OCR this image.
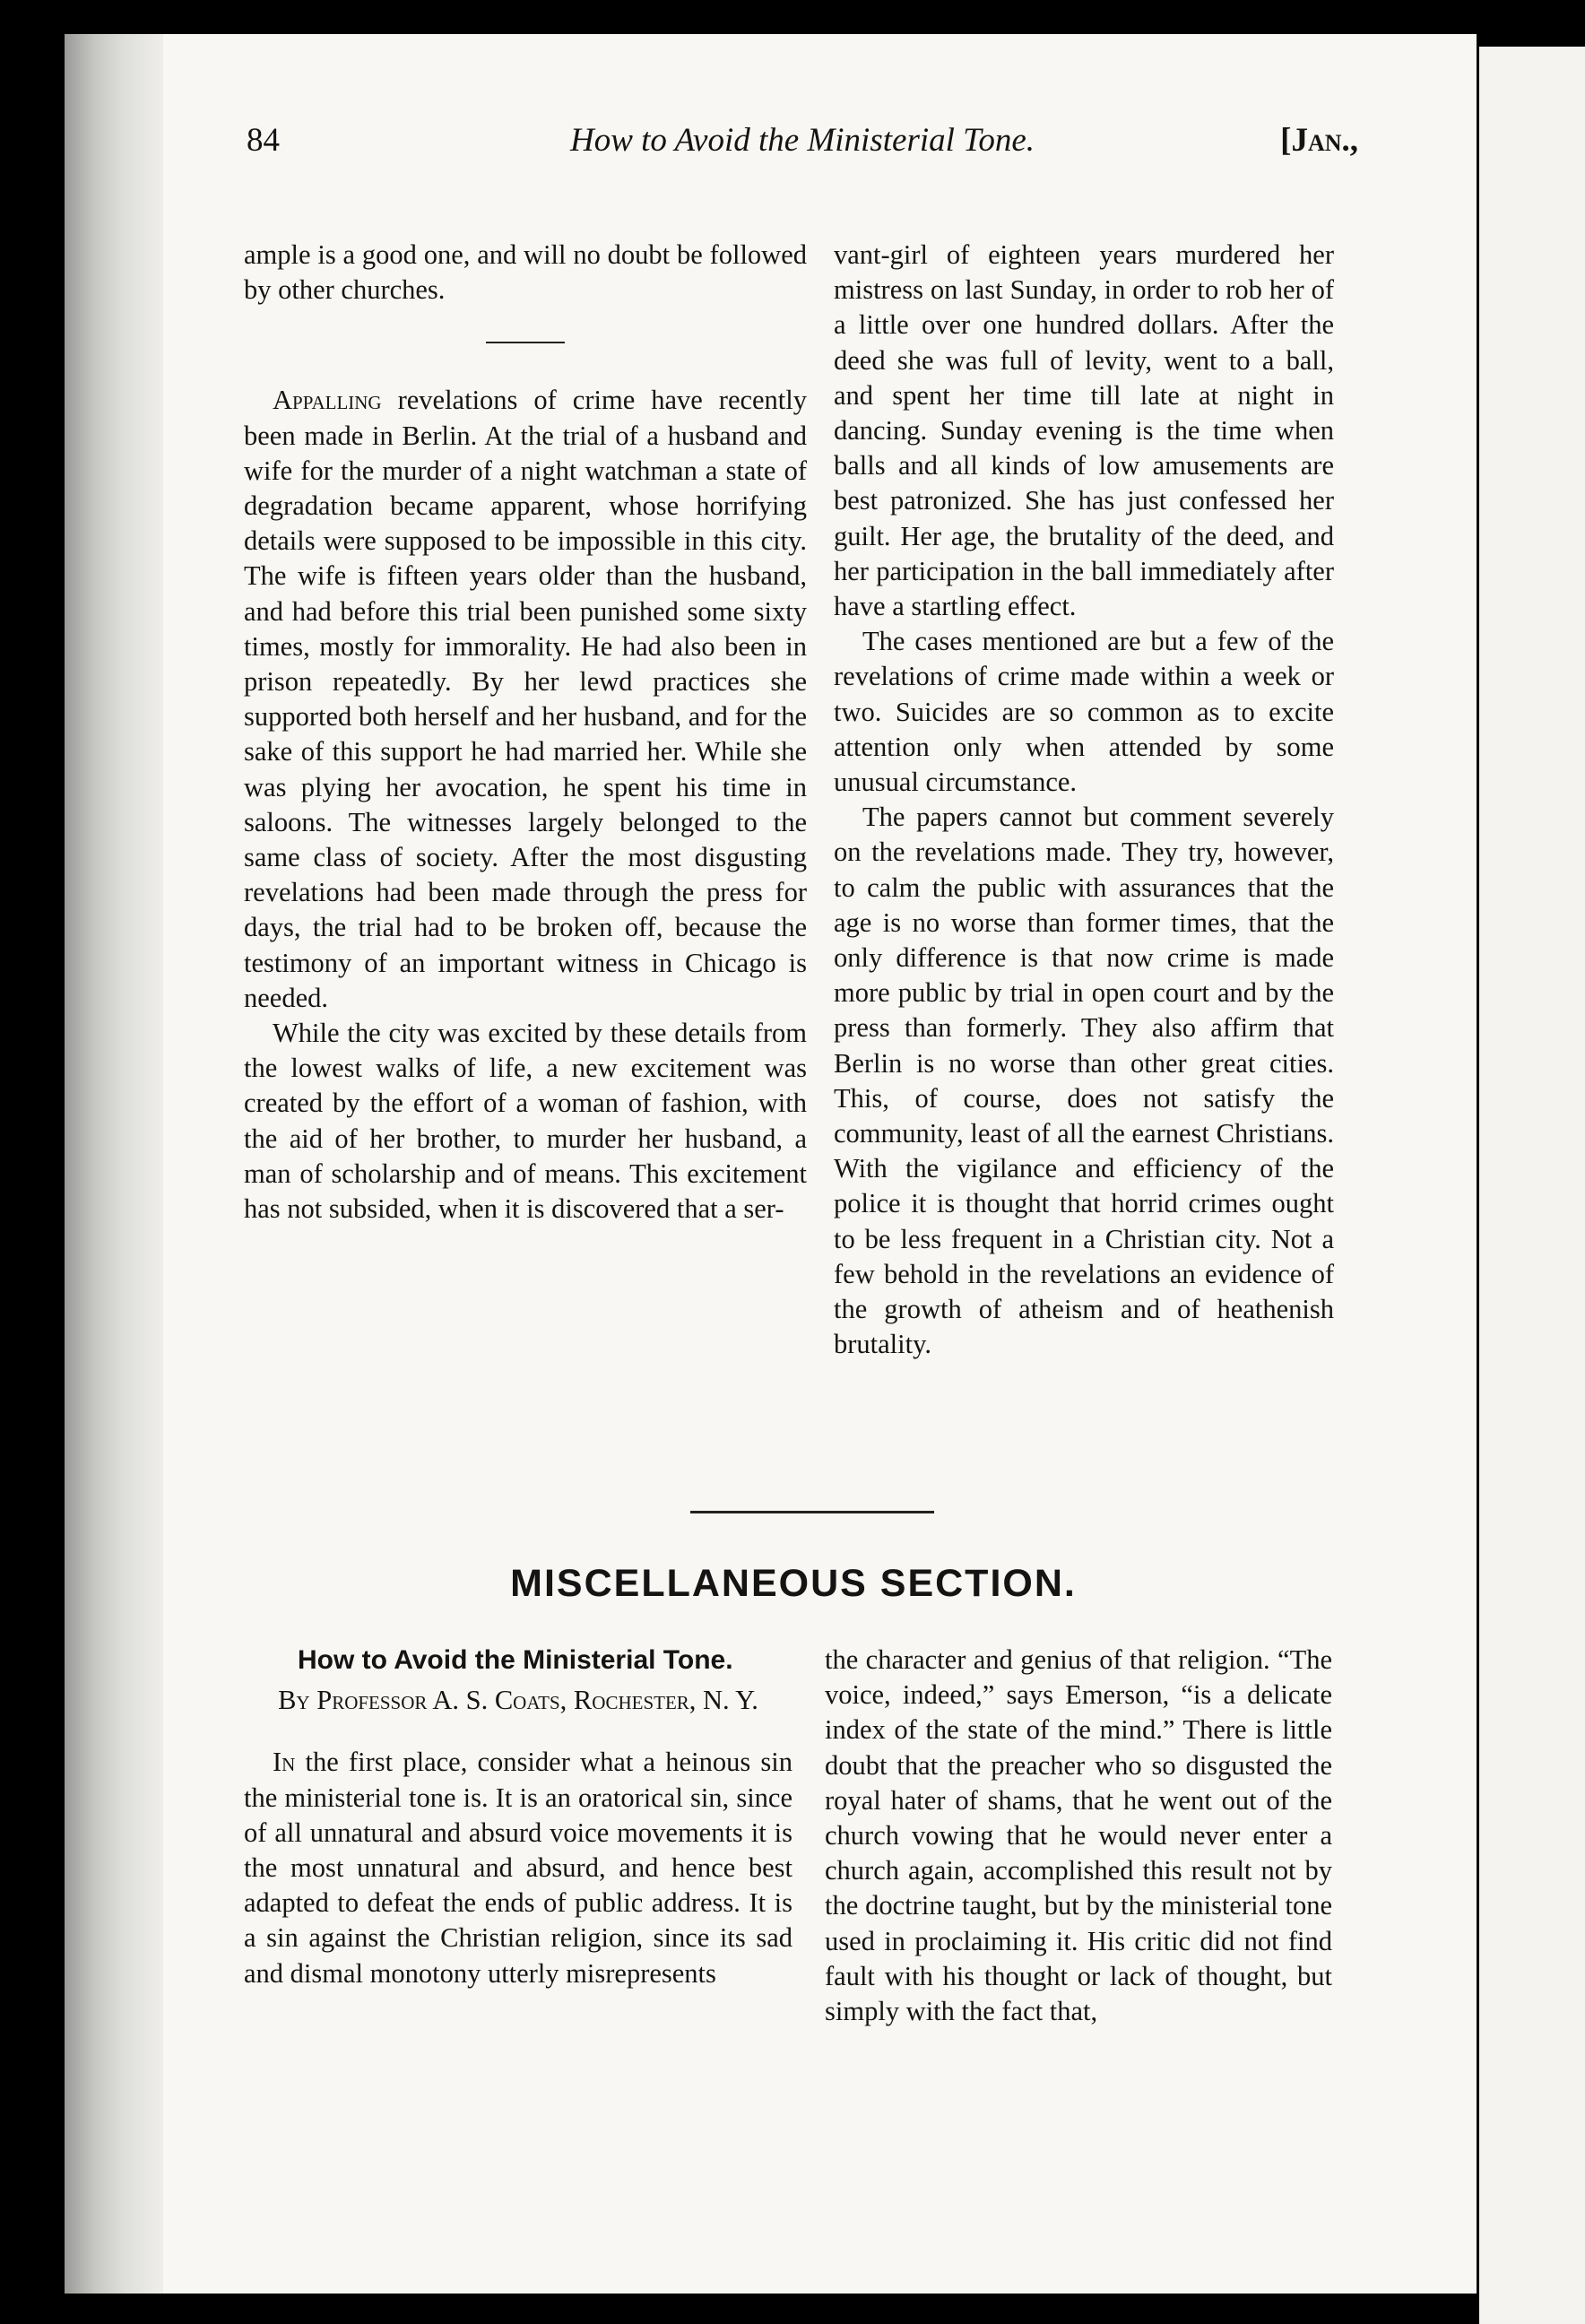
84	How to Avoid the Ministerial Tone.	[Jan.,

ample is a good one, and will no doubt be followed by other churches.

Appalling revelations of crime have recently been made in Berlin. At the trial of a husband and wife for the murder of a night watchman a state of degradation became apparent, whose horrifying details were supposed to be impossible in this city. The wife is fifteen years older than the husband, and had before this trial been punished some sixty times, mostly for immorality. He had also been in prison repeatedly. By her lewd practices she supported both herself and her husband, and for the sake of this support he had married her. While she was plying her avocation, he spent his time in saloons. The witnesses largely belonged to the same class of society. After the most disgusting revelations had been made through the press for days, the trial had to be broken off, because the testimony of an important witness in Chicago is needed.

While the city was excited by these details from the lowest walks of life, a new excitement was created by the effort of a woman of fashion, with the aid of her brother, to murder her husband, a man of scholarship and of means. This excitement has not subsided, when it is discovered that a ser-

vant-girl of eighteen years murdered her mistress on last Sunday, in order to rob her of a little over one hundred dollars. After the deed she was full of levity, went to a ball, and spent her time till late at night in dancing. Sunday evening is the time when balls and all kinds of low amusements are best patronized. She has just confessed her guilt. Her age, the brutality of the deed, and her participation in the ball immediately after have a startling effect.

The cases mentioned are but a few of the revelations of crime made within a week or two. Suicides are so common as to excite attention only when attended by some unusual circumstance.

The papers cannot but comment severely on the revelations made. They try, however, to calm the public with assurances that the age is no worse than former times, that the only difference is that now crime is made more public by trial in open court and by the press than formerly. They also affirm that Berlin is no worse than other great cities. This, of course, does not satisfy the community, least of all the earnest Christians. With the vigilance and efficiency of the police it is thought that horrid crimes ought to be less frequent in a Christian city. Not a few behold in the revelations an evidence of the growth of atheism and of heathenish brutality.

MISCELLANEOUS SECTION.

How to Avoid the Ministerial Tone.

By Professor A. S. Coats, Rochester, N. Y.

In the first place, consider what a heinous sin the ministerial tone is. It is an oratorical sin, since of all unnatural and absurd voice movements it is the most unnatural and absurd, and hence best adapted to defeat the ends of public address. It is a sin against the Christian religion, since its sad and dismal monotony utterly misrepresents

the character and genius of that religion. “The voice, indeed,” says Emerson, “is a delicate index of the state of the mind.” There is little doubt that the preacher who so disgusted the royal hater of shams, that he went out of the church vowing that he would never enter a church again, accomplished this result not by the doctrine taught, but by the ministerial tone used in proclaiming it. His critic did not find fault with his thought or lack of thought, but simply with the fact that,
